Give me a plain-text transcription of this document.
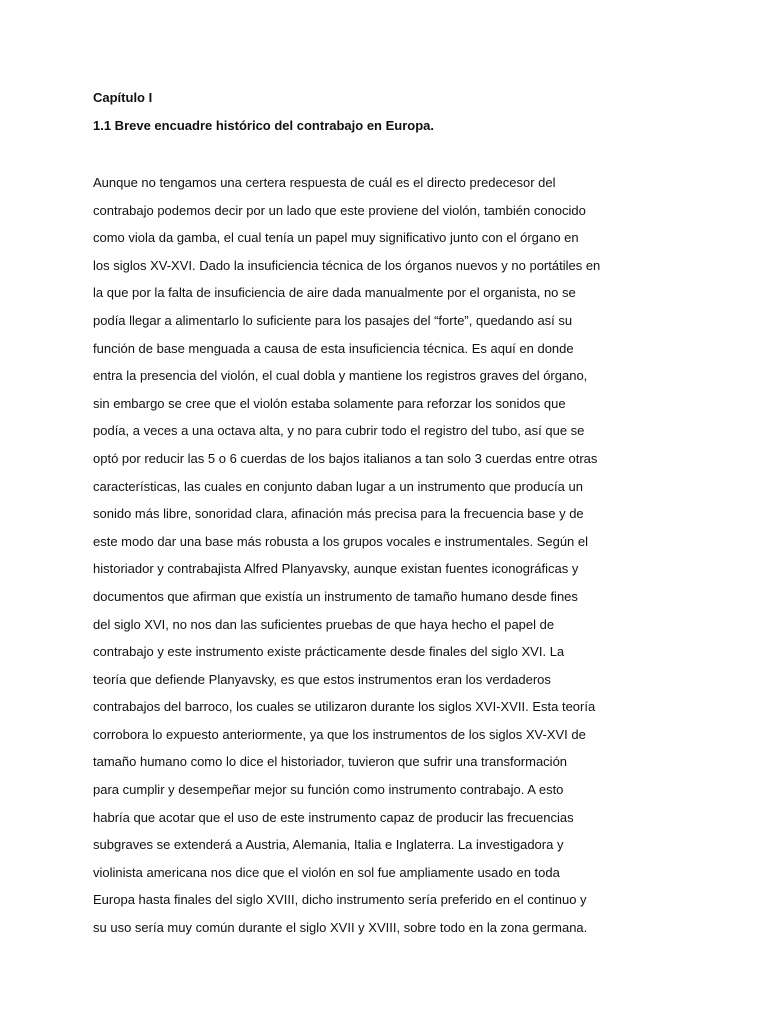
Capítulo I
1.1 Breve encuadre histórico del contrabajo en Europa.
Aunque no tengamos una certera respuesta de cuál es el directo predecesor del
contrabajo podemos decir por un lado que este proviene del violón, también conocido
como viola da gamba, el cual tenía un papel muy significativo junto con el órgano en
los siglos XV-XVI. Dado la insuficiencia técnica de los órganos nuevos y no portátiles en
la que por la falta de insuficiencia de aire dada manualmente por el organista, no se
podía llegar a alimentarlo lo suficiente para los pasajes del “forte”, quedando así su
función de base menguada a causa de esta insuficiencia técnica. Es aquí en donde
entra la presencia del violón, el cual dobla y mantiene los registros graves del órgano,
sin embargo se cree que el violón estaba solamente para reforzar los sonidos que
podía, a veces a una octava alta, y no para cubrir todo el registro del tubo, así que se
optó por reducir las 5 o 6 cuerdas de los bajos italianos a tan solo 3 cuerdas entre otras
características, las cuales en conjunto daban lugar a un instrumento que producía un
sonido más libre, sonoridad clara, afinación más precisa para la frecuencia base y de
este modo dar una base más robusta a los grupos vocales e instrumentales. Según el
historiador y contrabajista Alfred Planyavsky, aunque existan fuentes iconográficas y
documentos que afirman que existía un instrumento de tamaño humano desde fines
del siglo XVI, no nos dan las suficientes pruebas de que haya hecho el papel de
contrabajo y este instrumento existe prácticamente desde finales del siglo XVI. La
teoría que defiende Planyavsky, es que estos instrumentos eran los verdaderos
contrabajos del barroco, los cuales se utilizaron durante los siglos XVI-XVII. Esta teoría
corrobora lo expuesto anteriormente, ya que los instrumentos de los siglos XV-XVI de
tamaño humano como lo dice el historiador, tuvieron que sufrir una transformación
para cumplir y desempeñar mejor su función como instrumento contrabajo. A esto
habría que acotar que el uso de este instrumento capaz de producir las frecuencias
subgraves se extenderá a Austria, Alemania, Italia e Inglaterra. La investigadora y
violinista americana nos dice que el violón en sol fue ampliamente usado en toda
Europa hasta finales del siglo XVIII, dicho instrumento sería preferido en el continuo y
su uso sería muy común durante el siglo XVII y XVIII, sobre todo en la zona germana.
